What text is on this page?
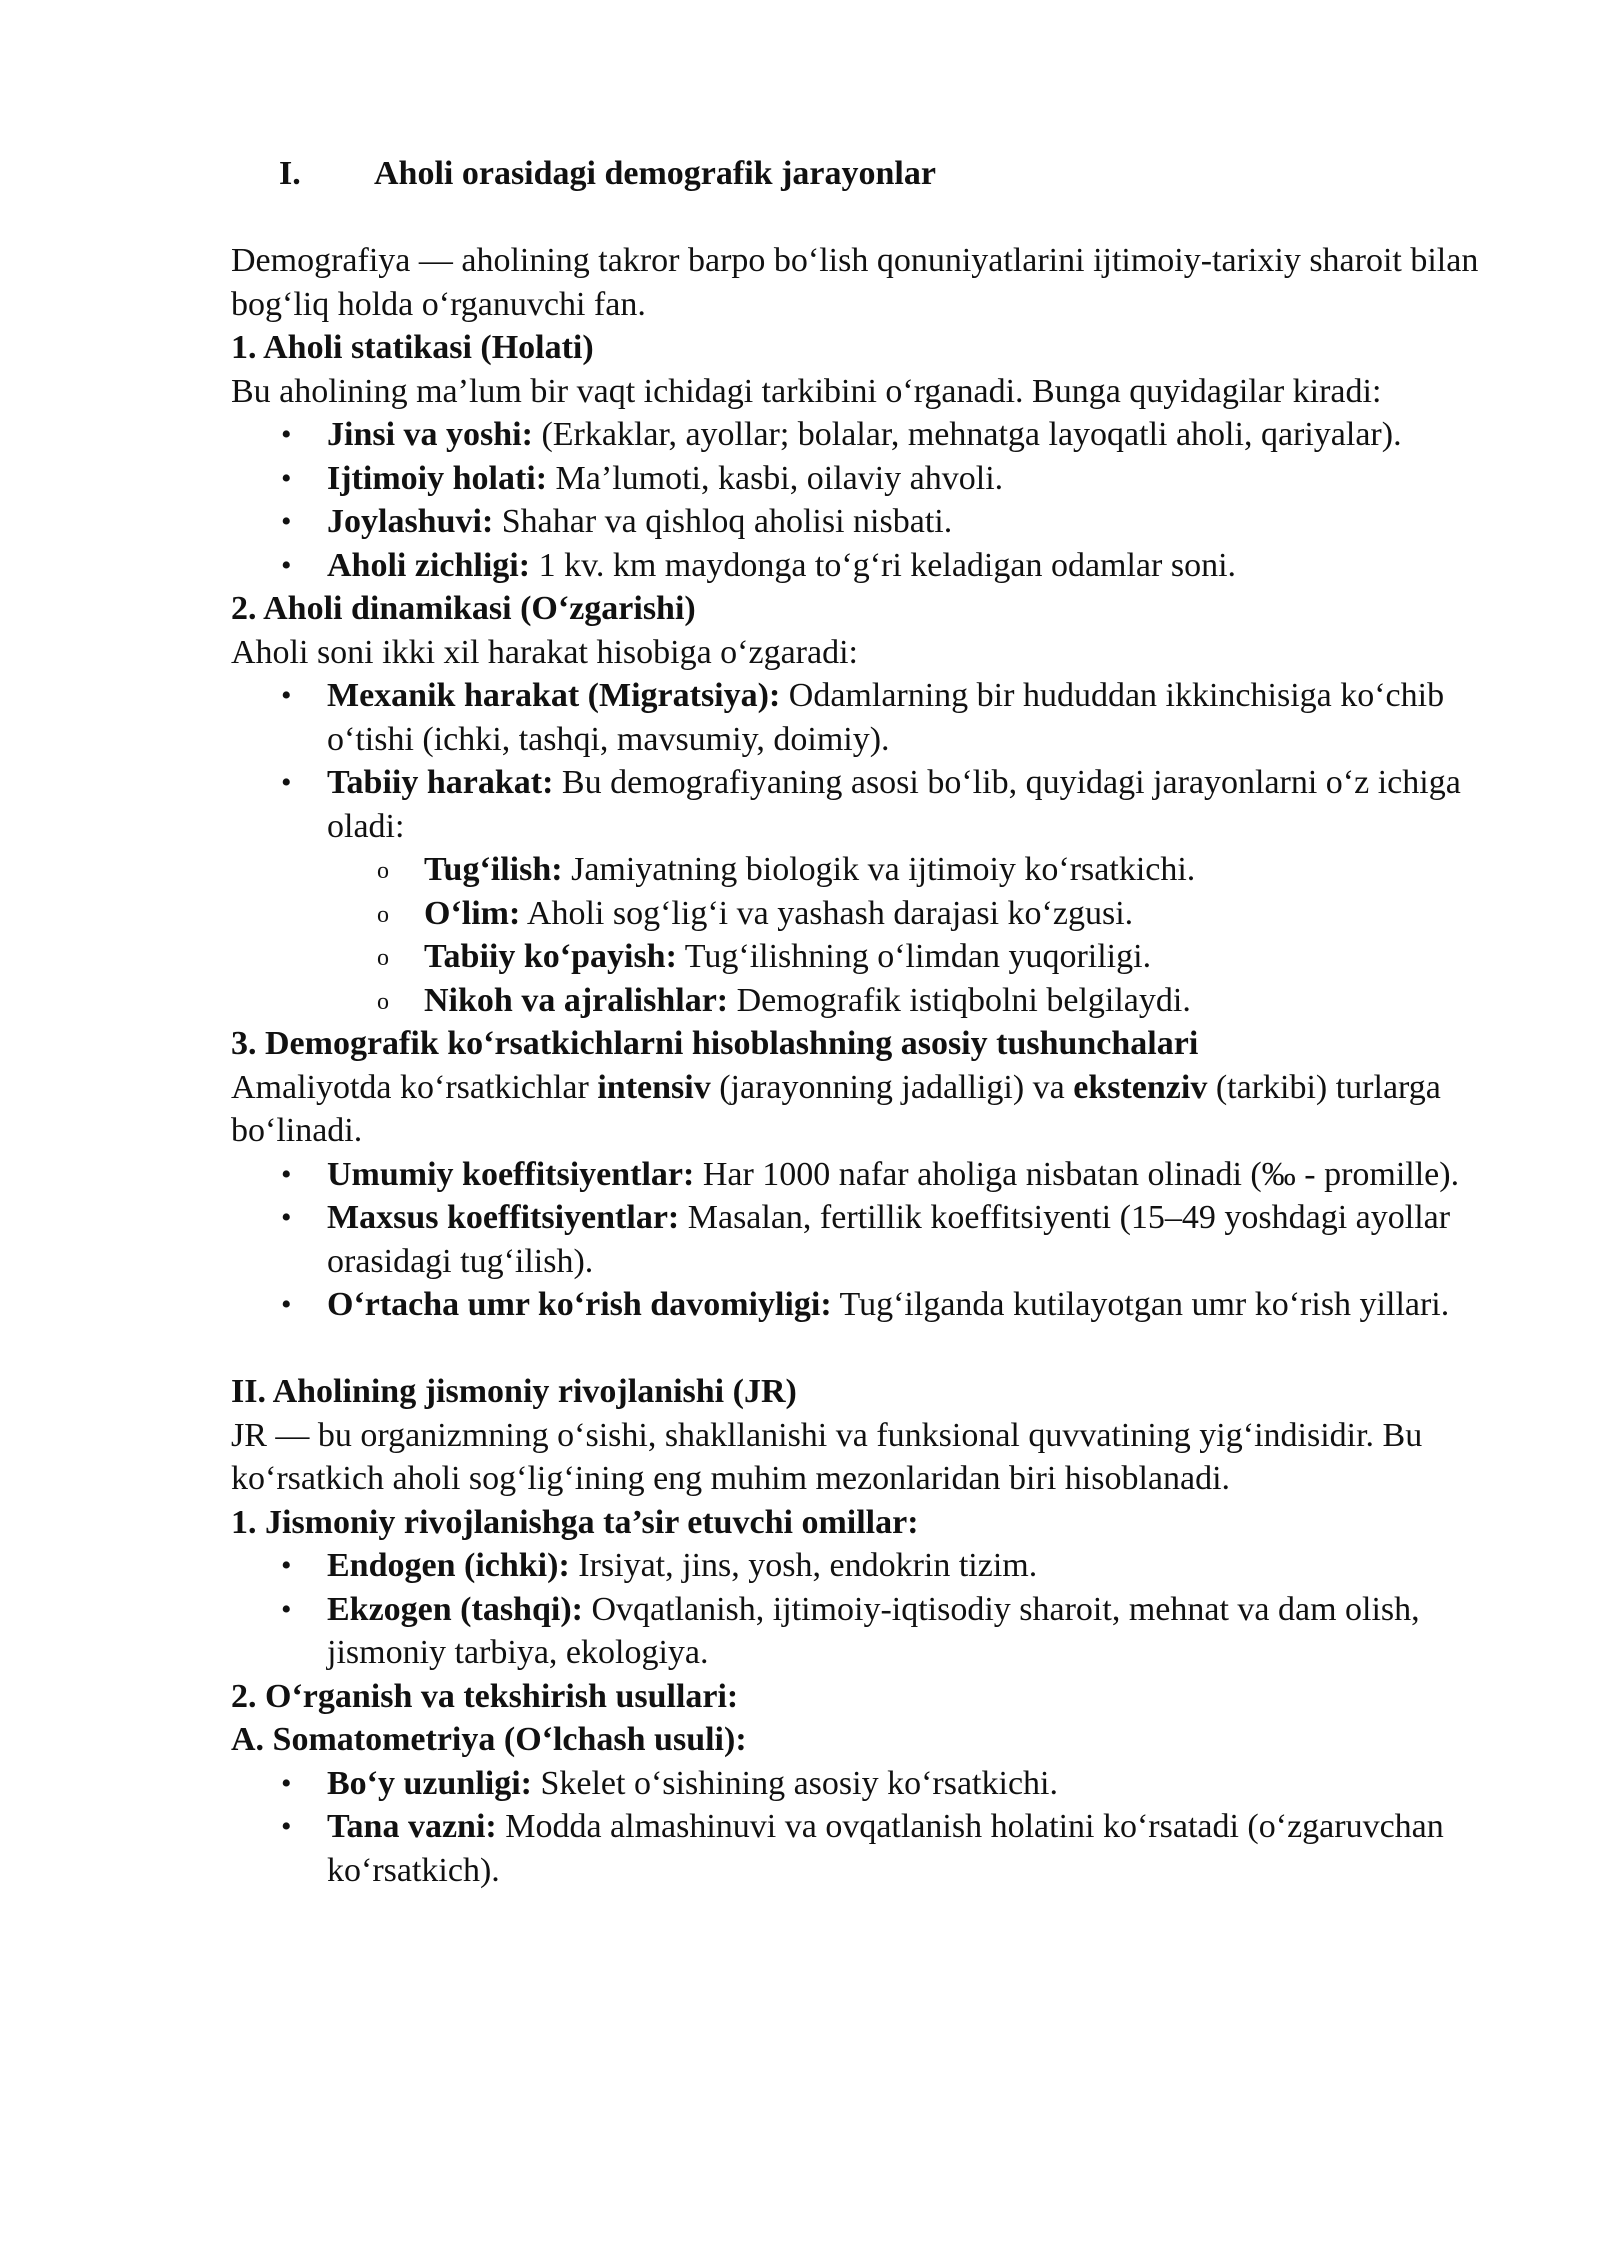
I. Aholi orasidagi demografik jarayonlar

Demografiya — aholining takror barpo boʻlish qonuniyatlarini ijtimoiy-tarixiy sharoit bilan bogʻliq holda oʻrganuvchi fan.

1. Aholi statikasi (Holati)

Bu aholining ma’lum bir vaqt ichidagi tarkibini oʻrganadi. Bunga quyidagilar kiradi:

• Jinsi va yoshi: (Erkaklar, ayollar; bolalar, mehnatga layoqatli aholi, qariyalar).
• Ijtimoiy holati: Ma’lumoti, kasbi, oilaviy ahvoli.
• Joylashuvi: Shahar va qishloq aholisi nisbati.
• Aholi zichligi: 1 kv. km maydonga toʻgʻri keladigan odamlar soni.

2. Aholi dinamikasi (Oʻzgarishi)

Aholi soni ikki xil harakat hisobiga oʻzgaradi:

• Mexanik harakat (Migratsiya): Odamlarning bir hududdan ikkinchisiga koʻchib oʻtishi (ichki, tashqi, mavsumiy, doimiy).
• Tabiiy harakat: Bu demografiyaning asosi boʻlib, quyidagi jarayonlarni oʻz ichiga oladi:
o Tugʻilish: Jamiyatning biologik va ijtimoiy koʻrsatkichi.
o Oʻlim: Aholi sogʻligʻi va yashash darajasi koʻzgusi.
o Tabiiy koʻpayish: Tugʻilishning oʻlimdan yuqoriligi.
o Nikoh va ajralishlar: Demografik istiqbolni belgilaydi.

3. Demografik koʻrsatkichlarni hisoblashning asosiy tushunchalari

Amaliyotda koʻrsatkichlar intensiv (jarayonning jadalligi) va ekstenziv (tarkibi) turlarga boʻlinadi.

• Umumiy koeffitsiyentlar: Har 1000 nafar aholiga nisbatan olinadi (‰ - promille).
• Maxsus koeffitsiyentlar: Masalan, fertillik koeffitsiyenti (15–49 yoshdagi ayollar orasidagi tugʻilish).
• Oʻrtacha umr koʻrish davomiyligi: Tugʻilganda kutilayotgan umr koʻrish yillari.

II. Aholining jismoniy rivojlanishi (JR)

JR — bu organizmning oʻsishi, shakllanishi va funksional quvvatining yigʻindisidir. Bu koʻrsatkich aholi sogʻligʻining eng muhim mezonlaridan biri hisoblanadi.

1. Jismoniy rivojlanishga ta’sir etuvchi omillar:

• Endogen (ichki): Irsiyat, jins, yosh, endokrin tizim.
• Ekzogen (tashqi): Ovqatlanish, ijtimoiy-iqtisodiy sharoit, mehnat va dam olish, jismoniy tarbiya, ekologiya.

2. Oʻrganish va tekshirish usullari:

A. Somatometriya (Oʻlchash usuli):

• Boʻy uzunligi: Skelet oʻsishining asosiy koʻrsatkichi.
• Tana vazni: Modda almashinuvi va ovqatlanish holatini koʻrsatadi (oʻzgaruvchan koʻrsatkich).
